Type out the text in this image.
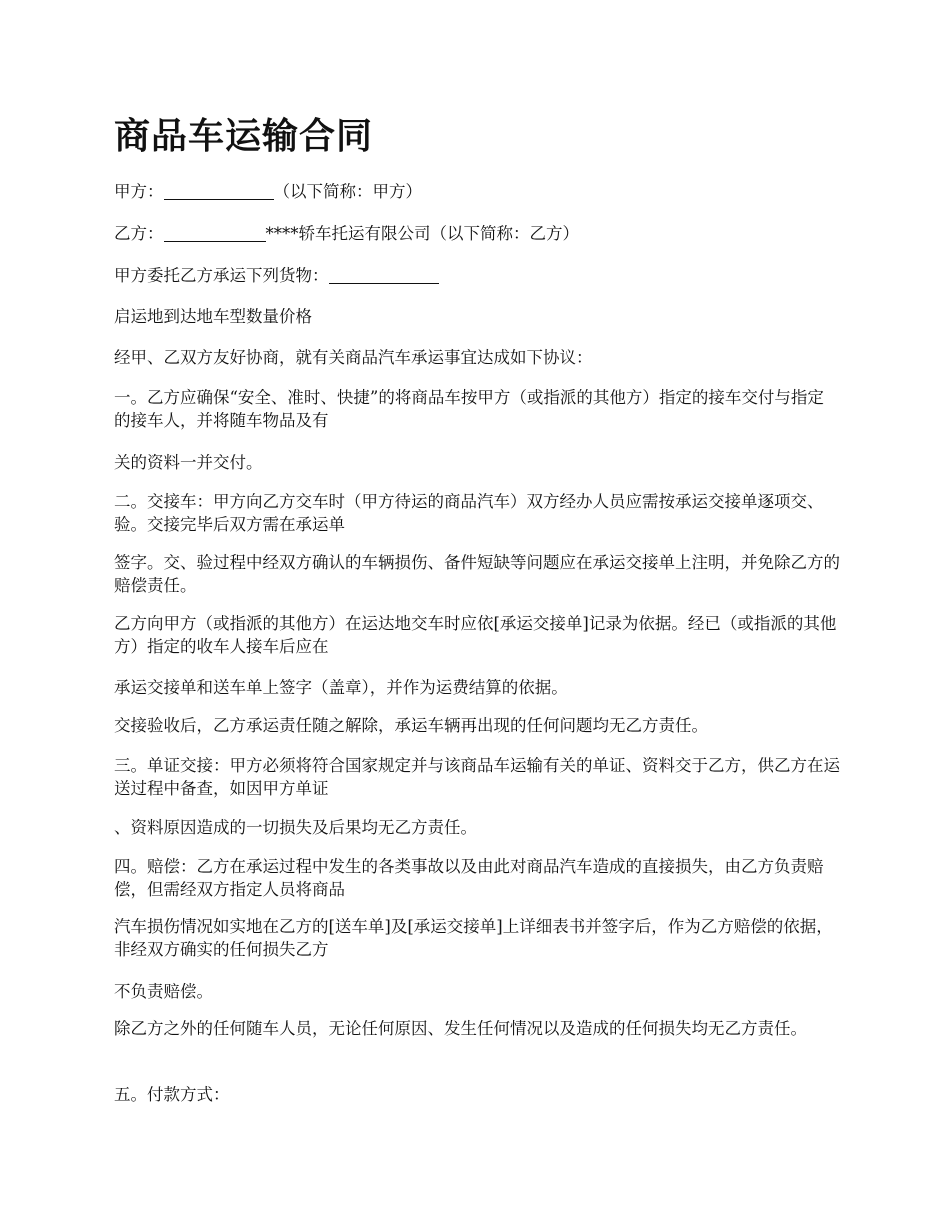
商品车运输合同

甲方：	（以下简称：甲方）

乙方：	****轿车托运有限公司（以下简称：乙方）

甲方委托乙方承运下列货物：

启运地到达地车型数量价格

经甲、乙双方友好协商，就有关商品汽车承运事宜达成如下协议：

一。乙方应确保“安全、准时、快捷”的将商品车按甲方（或指派的其他方）指定的接车交付与指定的接车人，并将随车物品及有

关的资料一并交付。

二。交接车：甲方向乙方交车时（甲方待运的商品汽车）双方经办人员应需按承运交接单逐项交、验。交接完毕后双方需在承运单

签字。交、验过程中经双方确认的车辆损伤、备件短缺等问题应在承运交接单上注明，并免除乙方的赔偿责任。

乙方向甲方（或指派的其他方）在运达地交车时应依[承运交接单]记录为依据。经已（或指派的其他方）指定的收车人接车后应在

承运交接单和送车单上签字（盖章），并作为运费结算的依据。

交接验收后，乙方承运责任随之解除，承运车辆再出现的任何问题均无乙方责任。

三。单证交接：甲方必须将符合国家规定并与该商品车运输有关的单证、资料交于乙方，供乙方在运送过程中备查，如因甲方单证

、资料原因造成的一切损失及后果均无乙方责任。

四。赔偿：乙方在承运过程中发生的各类事故以及由此对商品汽车造成的直接损失，由乙方负责赔偿，但需经双方指定人员将商品

汽车损伤情况如实地在乙方的[送车单]及[承运交接单]上详细表书并签字后，作为乙方赔偿的依据，非经双方确实的任何损失乙方

不负责赔偿。

除乙方之外的任何随车人员，无论任何原因、发生任何情况以及造成的任何损失均无乙方责任。

五。付款方式：
